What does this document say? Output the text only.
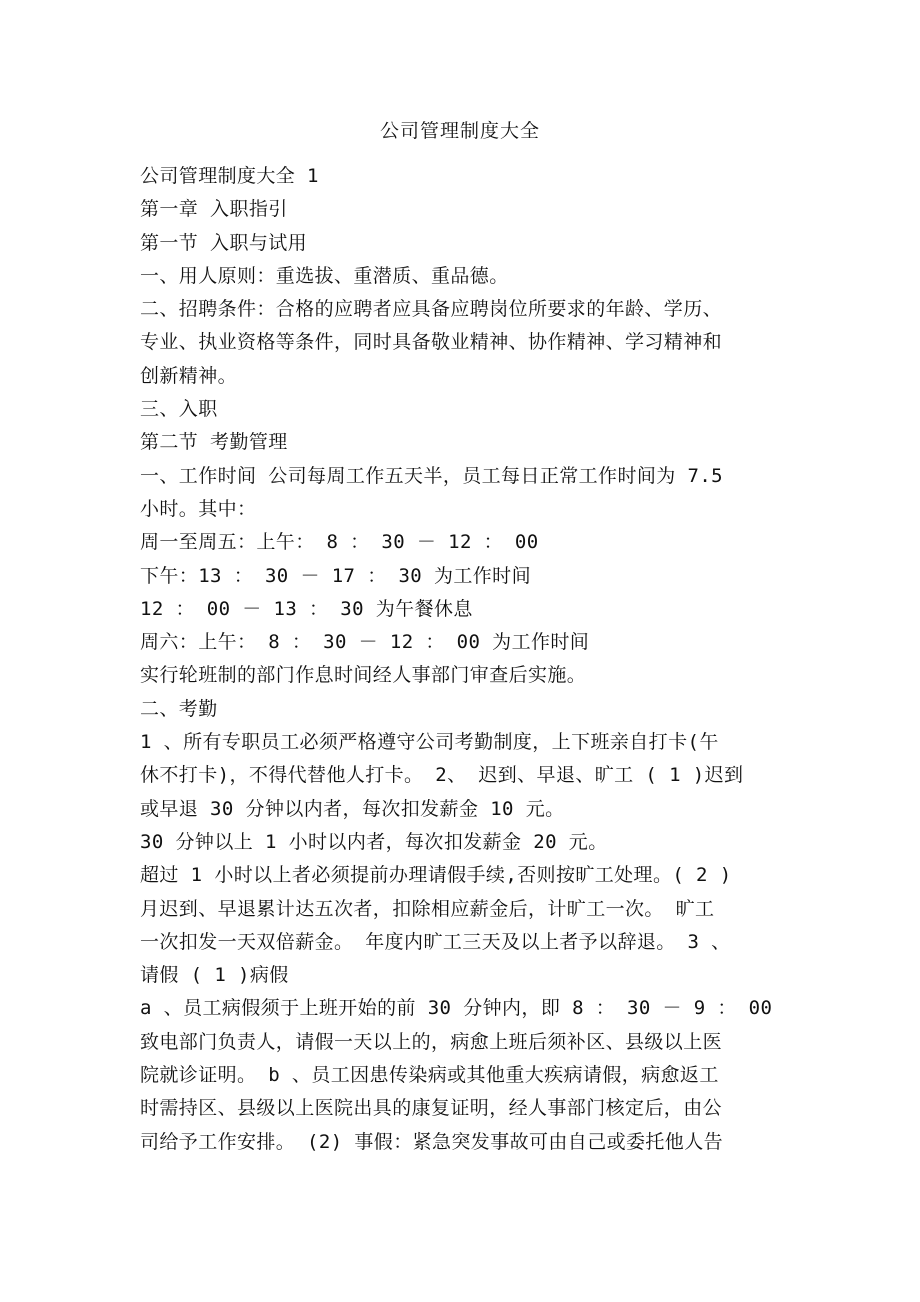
公司管理制度大全
公司管理制度大全 1
第一章 入职指引
第一节 入职与试用
一、用人原则：重选拔、重潜质、重品德。
二、招聘条件：合格的应聘者应具备应聘岗位所要求的年龄、学历、
专业、执业资格等条件，同时具备敬业精神、协作精神、学习精神和
创新精神。
三、入职
第二节 考勤管理
一、工作时间 公司每周工作五天半，员工每日正常工作时间为 7.5
小时。其中：
周一至周五：上午： 8 ： 30 － 12 ： 00
下午：13 ： 30 － 17 ： 30 为工作时间
12 ： 00 － 13 ： 30 为午餐休息
周六：上午： 8 ： 30 － 12 ： 00 为工作时间
实行轮班制的部门作息时间经人事部门审查后实施。
二、考勤
1 、所有专职员工必须严格遵守公司考勤制度，上下班亲自打卡(午
休不打卡)，不得代替他人打卡。 2、 迟到、早退、旷工 ( 1 )迟到
或早退 30 分钟以内者，每次扣发薪金 10 元。
30 分钟以上 1 小时以内者，每次扣发薪金 20 元。
超过 1 小时以上者必须提前办理请假手续,否则按旷工处理。( 2 )
月迟到、早退累计达五次者，扣除相应薪金后，计旷工一次。 旷工
一次扣发一天双倍薪金。 年度内旷工三天及以上者予以辞退。 3 、
请假 ( 1 )病假
a 、员工病假须于上班开始的前 30 分钟内，即 8 ： 30 － 9 ： 00
致电部门负责人，请假一天以上的，病愈上班后须补区、县级以上医
院就诊证明。 b 、员工因患传染病或其他重大疾病请假，病愈返工
时需持区、县级以上医院出具的康复证明，经人事部门核定后，由公
司给予工作安排。 (2) 事假：紧急突发事故可由自己或委托他人告
